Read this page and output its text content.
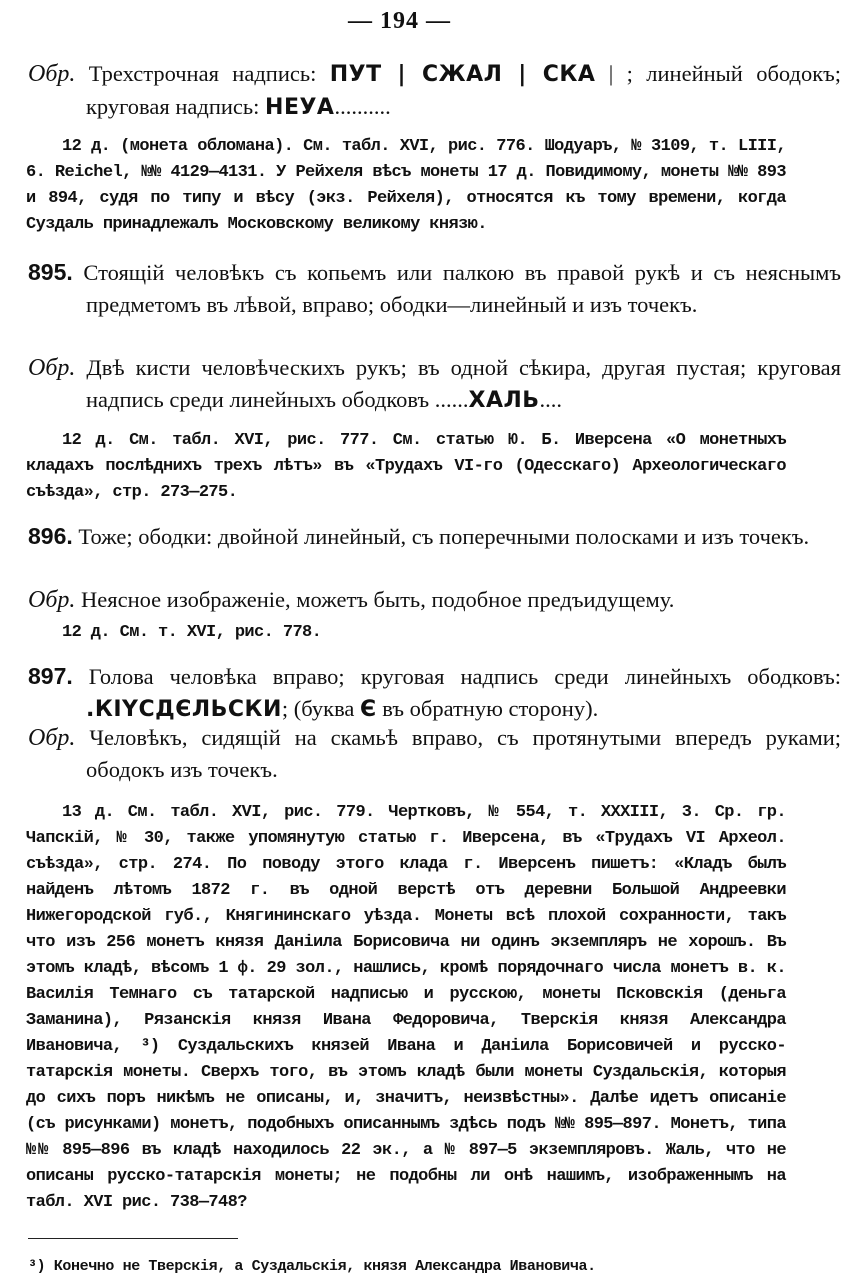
— 194 —
Обр. Трехстрочная надпись: ПУТ | СЖАЛ | СКА | ; линейный ободокъ; круговая надпись: НЕУА..........
12 д. (монета обломана). См. табл. XVI, рис. 776. Шодуаръ, № 3109, т. LIII, 6. Reichel, №№ 4129—4131. У Рейхеля вѣсъ монеты 17 д. Повидимому, монеты №№ 893 и 894, судя по типу и вѣсу (экз. Рейхеля), относятся къ тому времени, когда Суздаль принадлежалъ Московскому великому князю.
895. Стоящій человѣкъ съ копьемъ или палкою въ правой рукѣ и съ неяснымъ предметомъ въ лѣвой, вправо; ободки—линейный и изъ точекъ.
Обр. Двѣ кисти человѣческихъ рукъ; въ одной сѣкира, другая пустая; круговая надпись среди линейныхъ ободковъ ......ХАЛЬ....
12 д. См. табл. XVI, рис. 777. См. статью Ю. Б. Иверсена «О монетныхъ кладахъ послѣднихъ трехъ лѣтъ» въ «Трудахъ VI-го (Одесскаго) Археологическаго съѣзда», стр. 273—275.
896. Тоже; ободки: двойной линейный, съ поперечными полосками и изъ точекъ.
Обр. Неясное изображеніе, можетъ быть, подобное предъидущему.
12 д. См. т. XVI, рис. 778.
897. Голова человѣка вправо; круговая надпись среди линейныхъ ободковъ: .КІҮСДЄЛЬСКИ; (буква Є въ обратную сторону).
Обр. Человѣкъ, сидящій на скамьѣ вправо, съ протянутыми впередъ руками; ободокъ изъ точекъ.
13 д. См. табл. XVI, рис. 779. Чертковъ, № 554, т. XXXIII, 3. Ср. гр. Чапскій, № 30, также упомянутую статью г. Иверсена, въ «Трудахъ VI Археол. съѣзда», стр. 274. По поводу этого клада г. Иверсенъ пишетъ: «Кладъ былъ найденъ лѣтомъ 1872 г. въ одной верстѣ отъ деревни Большой Андреевки Нижегородской губ., Княгининскаго уѣзда. Монеты всѣ плохой сохранности, такъ что изъ 256 монетъ князя Даніила Борисовича ни одинъ экземпляръ не хорошъ. Въ этомъ кладѣ, вѣсомъ 1 ф. 29 зол., нашлись, кромѣ порядочнаго числа монетъ в. к. Василія Темнаго съ татарской надписью и русскою, монеты Псковскія (деньга Заманина), Рязанскія князя Ивана Федоровича, Тверскія князя Александра Ивановича, ³) Суздальскихъ князей Ивана и Даніила Борисовичей и русско-татарскія монеты. Сверхъ того, въ этомъ кладѣ были монеты Суздальскія, которыя до сихъ поръ никѣмъ не описаны, и, значитъ, неизвѣстны». Далѣе идетъ описаніе (съ рисунками) монетъ, подобныхъ описаннымъ здѣсь подъ №№ 895—897. Монетъ, типа №№ 895—896 въ кладѣ находилось 22 эк., а № 897—5 экземпляровъ. Жаль, что не описаны русско-татарскія монеты; не подобны ли онѣ нашимъ, изображеннымъ на табл. XVI рис. 738—748?
³) Конечно не Тверскія, а Суздальскія, князя Александра Ивановича.
